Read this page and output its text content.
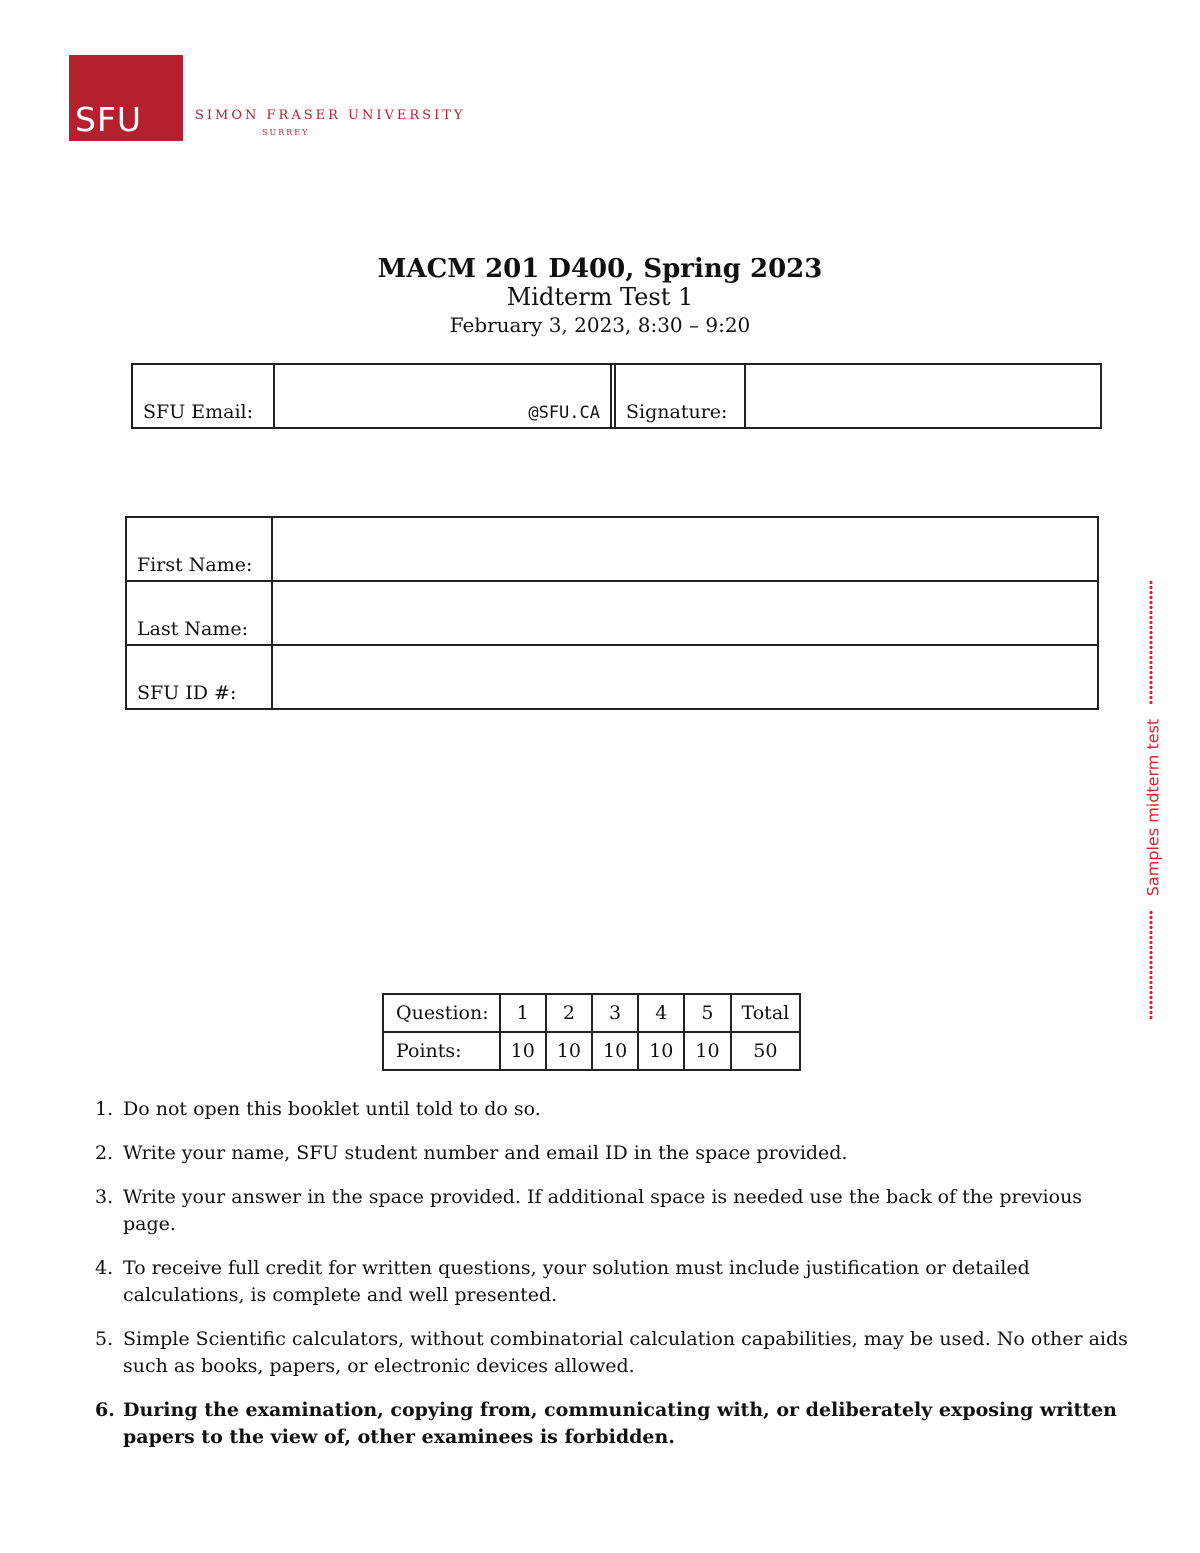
SFU	SIMON FRASER UNIVERSITY
SURREY
MACM 201 D400, Spring 2023
Midterm Test 1
February 3, 2023, 8:30 – 9:20
SFU Email:	@SFU.CA		Signature:	
First Name:	
Last Name:	
SFU ID #:	
Question:	1	2	3	4	5	Total
Points:	10	10	10	10	10	50
1. Do not open this booklet until told to do so.
2. Write your name, SFU student number and email ID in the space provided.
3. Write your answer in the space provided. If additional space is needed use the back of the previous page.
4. To receive full credit for written questions, your solution must include justification or detailed calculations, is complete and well presented.
5. Simple Scientific calculators, without combinatorial calculation capabilities, may be used. No other aids such as books, papers, or electronic devices allowed.
6. During the examination, copying from, communicating with, or deliberately exposing written papers to the view of, other examinees is forbidden.
Samples midterm test
